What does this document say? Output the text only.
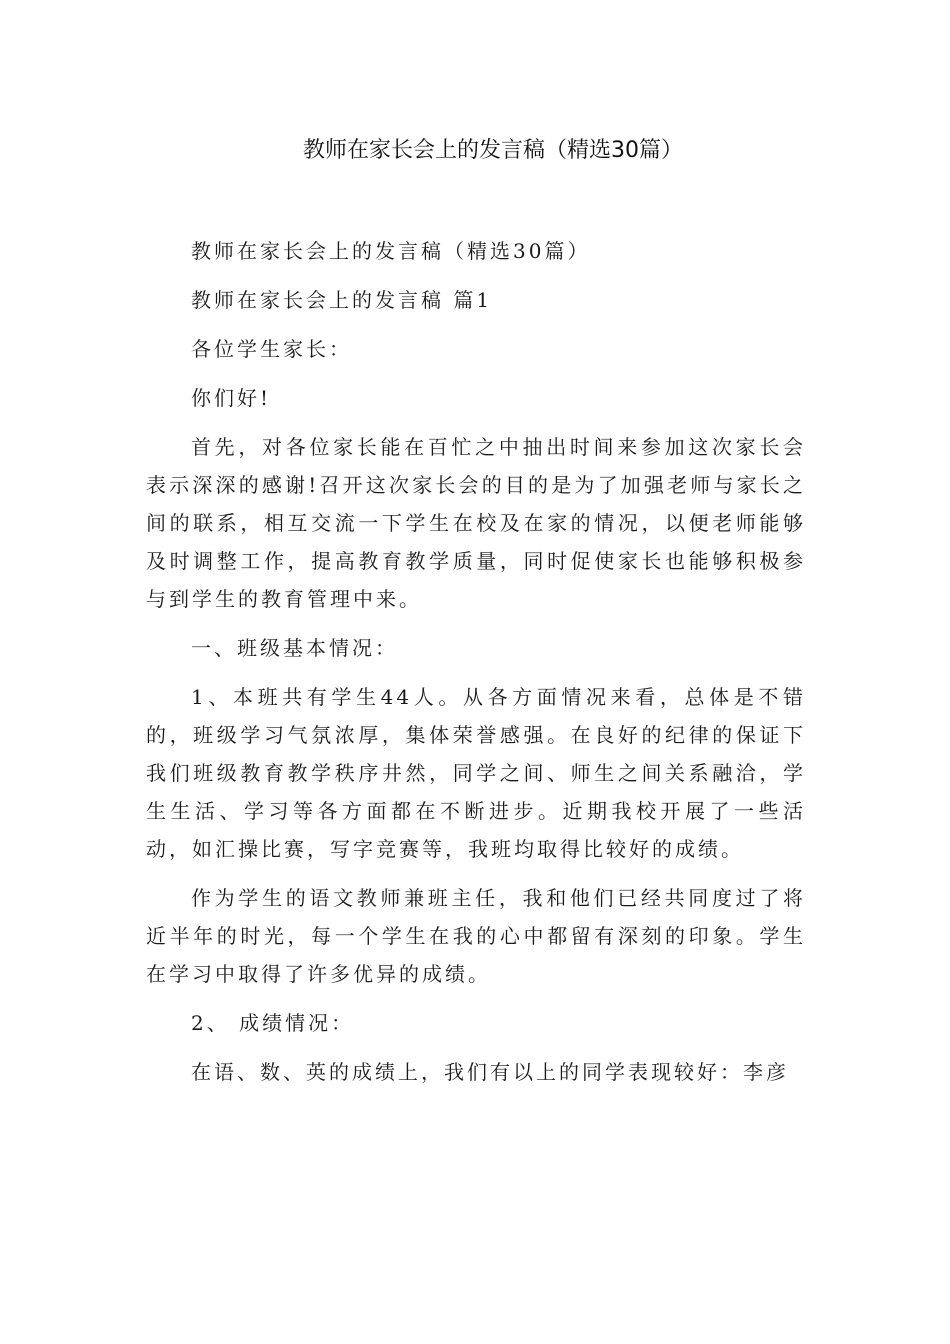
教师在家长会上的发言稿（精选30篇）

教师在家长会上的发言稿（精选30篇）

教师在家长会上的发言稿 篇1

各位学生家长：

你们好!

首先，对各位家长能在百忙之中抽出时间来参加这次家长会表示深深的感谢!召开这次家长会的目的是为了加强老师与家长之间的联系，相互交流一下学生在校及在家的情况，以便老师能够及时调整工作，提高教育教学质量，同时促使家长也能够积极参与到学生的教育管理中来。

一、班级基本情况：

1、本班共有学生44人。从各方面情况来看，总体是不错的，班级学习气氛浓厚，集体荣誉感强。在良好的纪律的保证下我们班级教育教学秩序井然，同学之间、师生之间关系融洽，学生生活、学习等各方面都在不断进步。近期我校开展了一些活动，如汇操比赛，写字竞赛等，我班均取得比较好的成绩。

作为学生的语文教师兼班主任，我和他们已经共同度过了将近半年的时光，每一个学生在我的心中都留有深刻的印象。学生在学习中取得了许多优异的成绩。

2、 成绩情况：

在语、数、英的成绩上，我们有以上的同学表现较好：李彦
